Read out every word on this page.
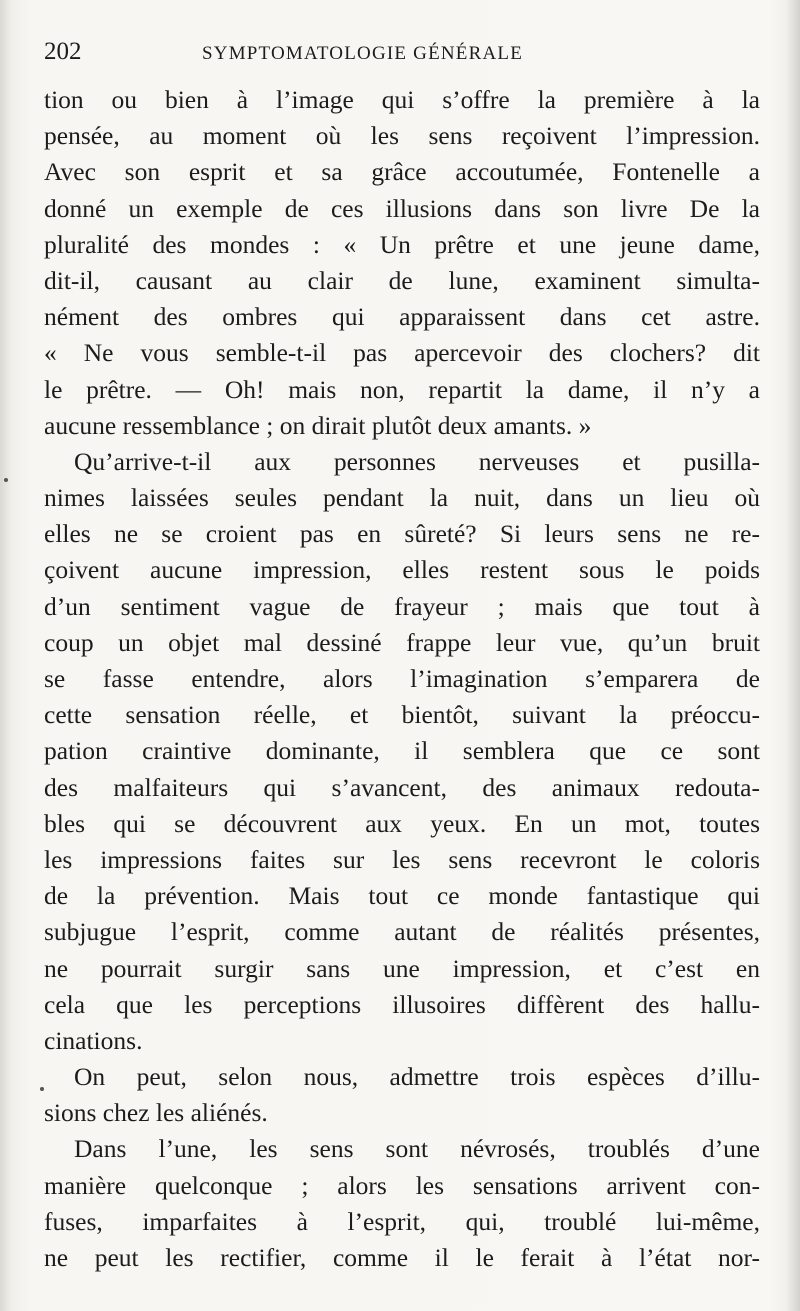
202	SYMPTOMATOLOGIE GÉNÉRALE
tion ou bien à l’image qui s’offre la première à la
pensée, au moment où les sens reçoivent l’impression.
Avec son esprit et sa grâce accoutumée, Fontenelle a
donné un exemple de ces illusions dans son livre De la
pluralité des mondes : « Un prêtre et une jeune dame,
dit-il, causant au clair de lune, examinent simulta-
nément des ombres qui apparaissent dans cet astre.
« Ne vous semble-t-il pas apercevoir des clochers? dit
le prêtre. — Oh! mais non, repartit la dame, il n’y a
aucune ressemblance ; on dirait plutôt deux amants. »
Qu’arrive-t-il aux personnes nerveuses et pusilla-
nimes laissées seules pendant la nuit, dans un lieu où
elles ne se croient pas en sûreté? Si leurs sens ne re-
çoivent aucune impression, elles restent sous le poids
d’un sentiment vague de frayeur ; mais que tout à
coup un objet mal dessiné frappe leur vue, qu’un bruit
se fasse entendre, alors l’imagination s’emparera de
cette sensation réelle, et bientôt, suivant la préoccu-
pation craintive dominante, il semblera que ce sont
des malfaiteurs qui s’avancent, des animaux redouta-
bles qui se découvrent aux yeux. En un mot, toutes
les impressions faites sur les sens recevront le coloris
de la prévention. Mais tout ce monde fantastique qui
subjugue l’esprit, comme autant de réalités présentes,
ne pourrait surgir sans une impression, et c’est en
cela que les perceptions illusoires diffèrent des hallu-
cinations.
On peut, selon nous, admettre trois espèces d’illu-
sions chez les aliénés.
Dans l’une, les sens sont névrosés, troublés d’une
manière quelconque ; alors les sensations arrivent con-
fuses, imparfaites à l’esprit, qui, troublé lui-même,
ne peut les rectifier, comme il le ferait à l’état nor-
